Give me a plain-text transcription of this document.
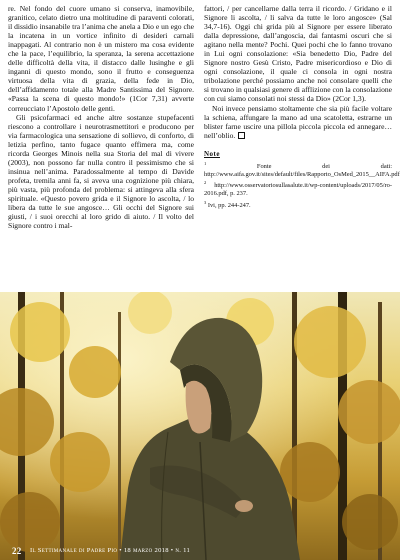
re. Nel fondo del cuore umano si conserva, inamovibile, granitico, celato dietro una moltitudine di paraventi colorati, il dissidio insanabile tra l’anima che anela a Dio e un ego che la incatena in un vortice infinito di desideri carnali inappagati. Al contrario non è un mistero ma cosa evidente che la pace, l’equilibrio, la speranza, la serena accettazione delle difficoltà della vita, il distacco dalle lusinghe e gli inganni di questo mondo, sono il frutto e conseguenza virtuosa della vita di grazia, della fede in Dio, dell’affidamento totale alla Madre Santissima del Signore. «Passa la scena di questo mondo!» (1Cor 7,31) avverte correucciato l’Apostolo delle genti.

Gli psicofarmaci ed anche altre sostanze stupefacenti riescono a controllare i neurotrasmettitori e producono per via farmacologica una sensazione di sollievo, di conforto, di letizia perfino, tanto fugace quanto effimera ma, come ricorda Georges Minois nella sua Storia del mal di vivere (2003), non possono far nulla contro il pessimismo che si insinua nell’anima. Paradossalmente al tempo di Davide profeta, tremila anni fa, si aveva una cognizione più chiara, più vasta, più profonda del problema: si attingeva alla sfera spirituale. «Questo povero grida e il Signore lo ascolta, / lo libera da tutte le sue angosce… Gli occhi del Signore sui giusti, / i suoi orecchi al loro grido di aiuto. / Il volto del Signore contro i mal-

fattori, / per cancellarne dalla terra il ricordo. / Gridano e il Signore li ascolta, / li salva da tutte le loro angosce» (Sal 34,7-16). Oggi chi grida più al Signore per essere liberato dalla depressione, dall’angoscia, dai fantasmi oscuri che si agitano nella mente? Pochi. Quei pochi che lo fanno trovano in Lui ogni consolazione: «Sia benedetto Dio, Padre del Signore nostro Gesù Cristo, Padre misericordioso e Dio di ogni consolazione, il quale ci consola in ogni nostra tribolazione perché possiamo anche noi consolare quelli che si trovano in qualsiasi genere di afflizione con la consolazione con cui siamo consolati noi stessi da Dio» (2Cor 1,3).

Noi invece pensiamo stoltamente che sia più facile voltare la schiena, affungare la mano ad una scatoletta, estrarne un blister farne uscire una pillola piccola piccola ed annegare… nell’oblio.

Note

$^1$	Fonte dei dati: http://www.aifa.gov.it/sites/default/files/Rapporto_OsMed_2015__AIFA.pdf

$^2$ http://www.osservatoriosullasalute.it/wp-content/uploads/2017/05/ro-2016.pdf, p. 237.

$^3$ Ivi, pp. 244-247.

22 Il Settimanale di Padre Pio • 18 marzo 2018 • n. 11
